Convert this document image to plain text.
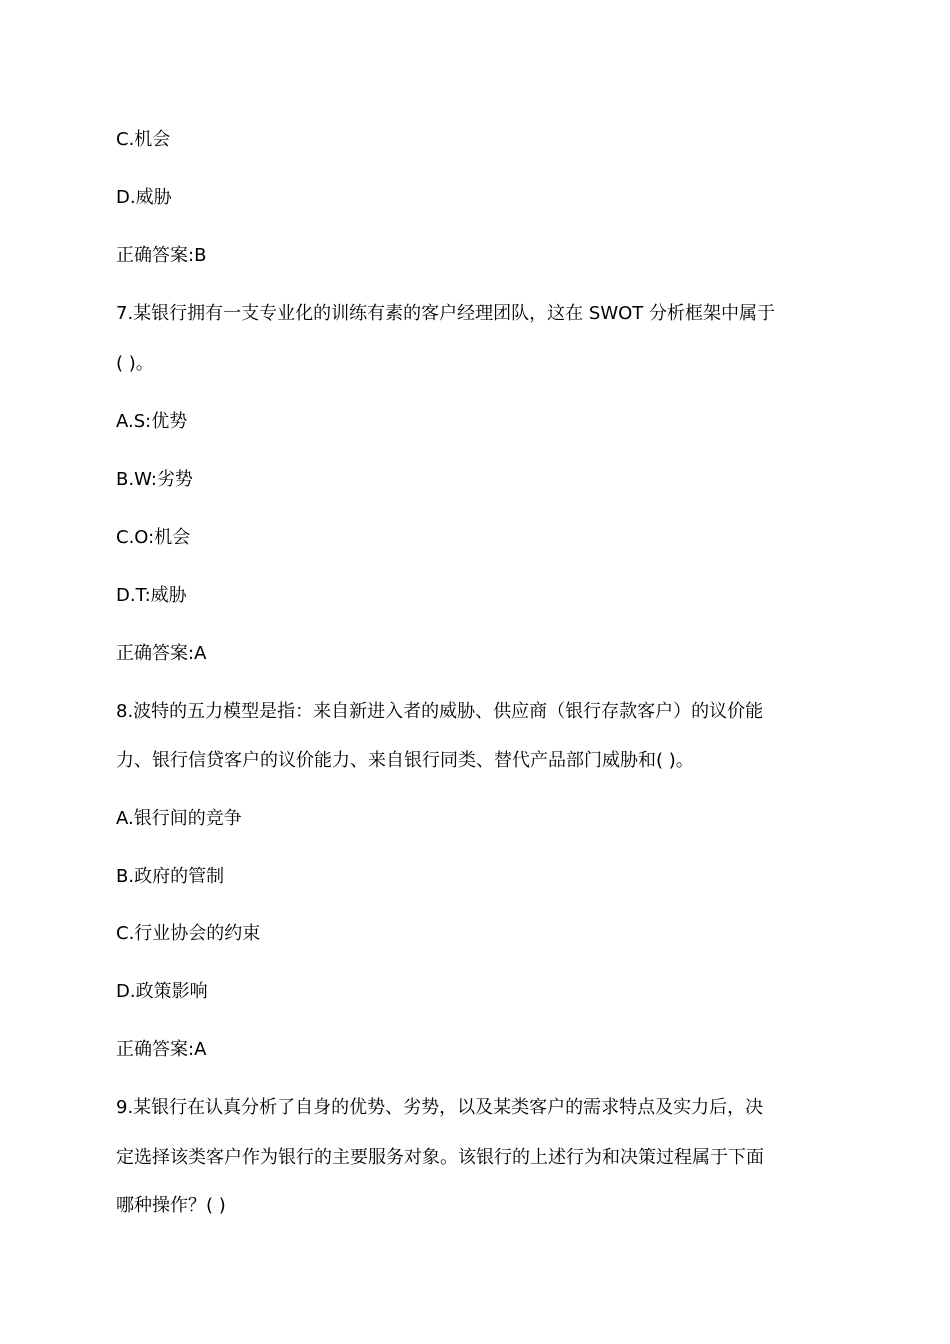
C.机会
D.威胁
正确答案:B
7.某银行拥有一支专业化的训练有素的客户经理团队，这在 SWOT 分析框架中属于
( )。
A.S:优势
B.W:劣势
C.O:机会
D.T:威胁
正确答案:A
8.波特的五力模型是指：来自新进入者的威胁、供应商（银行存款客户）的议价能
力、银行信贷客户的议价能力、来自银行同类、替代产品部门威胁和( )。
A.银行间的竞争
B.政府的管制
C.行业协会的约束
D.政策影响
正确答案:A
9.某银行在认真分析了自身的优势、劣势，以及某类客户的需求特点及实力后，决
定选择该类客户作为银行的主要服务对象。该银行的上述行为和决策过程属于下面
哪种操作？( )
